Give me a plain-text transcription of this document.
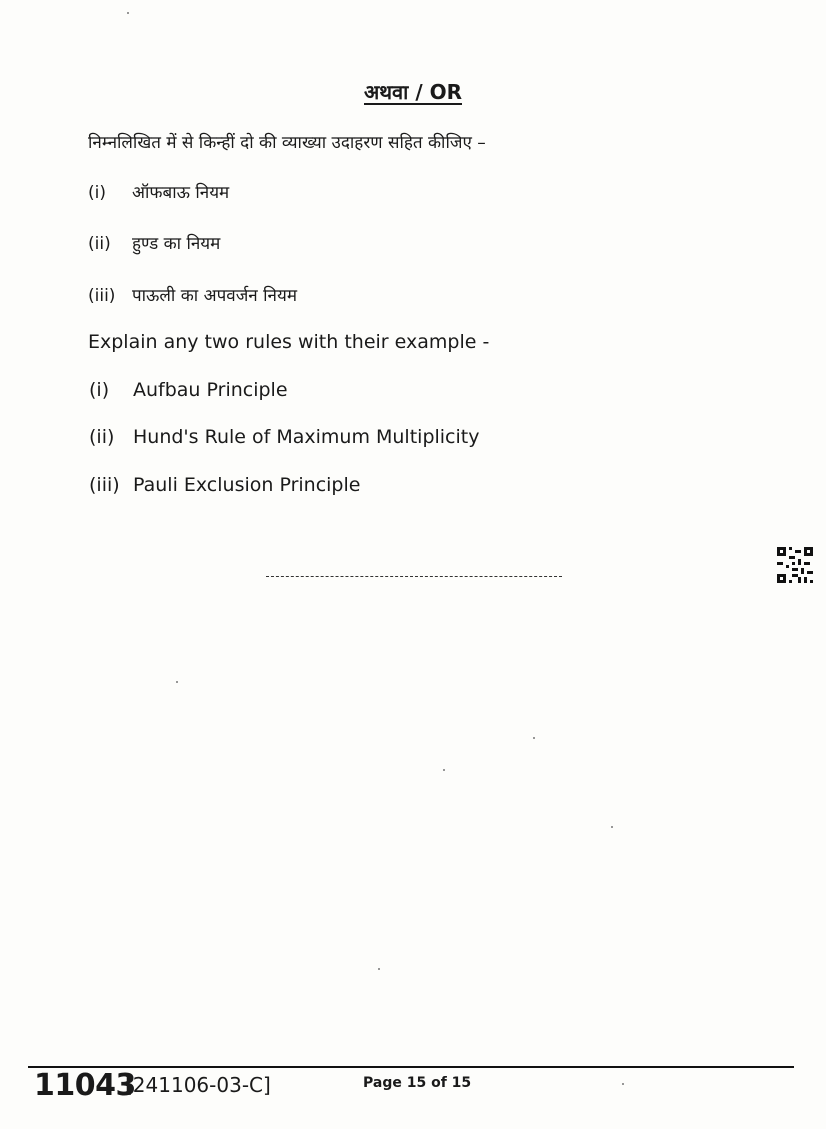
अथवा / OR
निम्नलिखित में से किन्हीं दो की व्याख्या उदाहरण सहित कीजिए –
(i) ऑफबाऊ नियम
(ii) हुण्ड का नियम
(iii) पाऊली का अपवर्जन नियम
Explain any two rules with their example -
(i) Aufbau Principle
(ii) Hund's Rule of Maximum Multiplicity
(iii) Pauli Exclusion Principle
11043
[241106-03-C]	Page 15 of 15
